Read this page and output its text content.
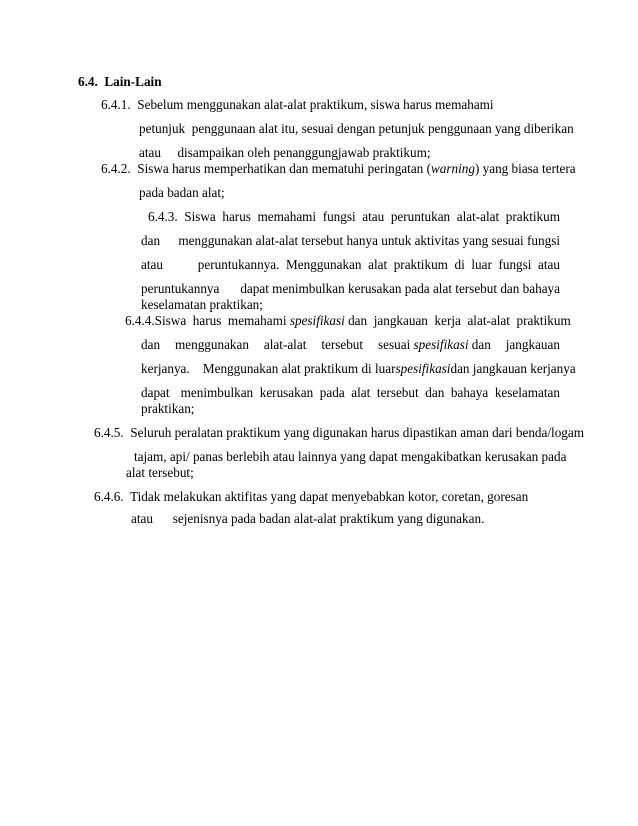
6.4. Lain-Lain
6.4.1. Sebelum menggunakan alat-alat praktikum, siswa harus memahami
petunjuk  penggunaan alat itu, sesuai dengan petunjuk penggunaan yang diberikan
atau     disampaikan oleh penanggungjawab praktikum;
6.4.2. Siswa harus memperhatikan dan mematuhi peringatan (warning) yang biasa tertera
pada badan alat;
6.4.3. Siswa  harus  memahami  fungsi  atau  peruntukan  alat-alat  praktikum
dan menggunakan alat-alat tersebut hanya untuk aktivitas yang sesuai fungsi
atau	peruntukannya.  Menggunakan  alat  praktikum  di  luar  fungsi  atau
peruntukannya dapat menimbulkan kerusakan pada alat tersebut dan bahaya
keselamatan praktikan;
6.4.4. Siswa  harus  memahami spesifikasi dan  jangkauan  kerja  alat-alat  praktikum
dan menggunakan alat-alat tersebut sesuai spesifikasi dan jangkauan
kerjanya.    Menggunakan alat praktikum di luar spesifikasi dan jangkauan kerjanya
dapat menimbulkan  kerusakan  pada  alat  tersebut  dan  bahaya  keselamatan
praktikan;
6.4.5. Seluruh peralatan praktikum yang digunakan harus dipastikan aman dari benda/logam
tajam, api/ panas berlebih atau lainnya yang dapat mengakibatkan kerusakan pada
alat tersebut;
6.4.6. Tidak melakukan aktifitas yang dapat menyebabkan kotor, coretan, goresan
atau      sejenisnya pada badan alat-alat praktikum yang digunakan.
